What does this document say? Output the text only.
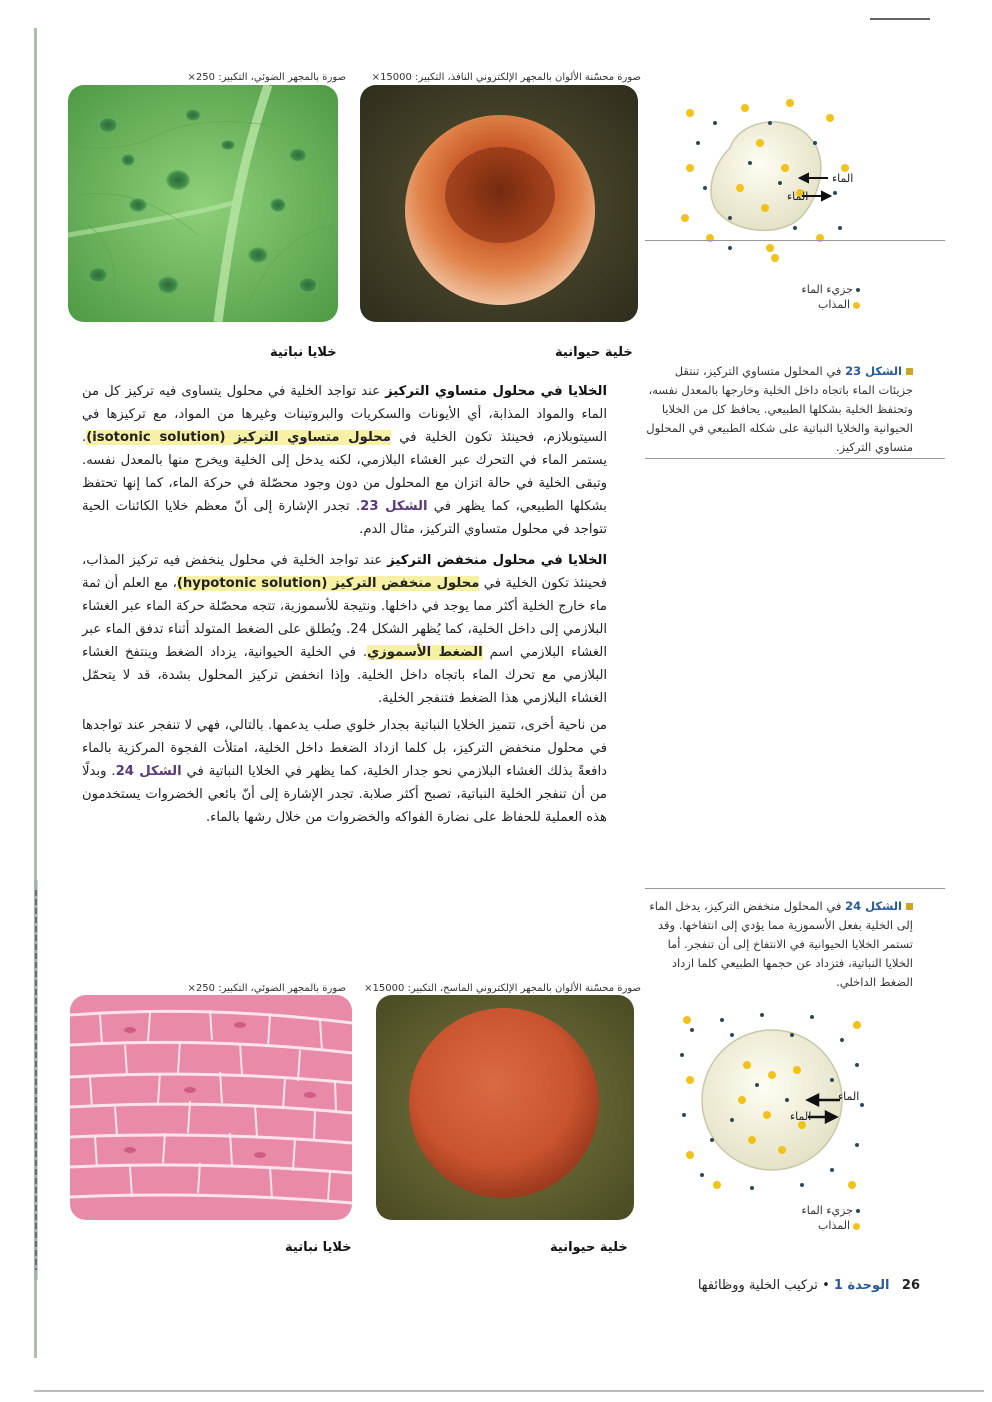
صورة بالمجهر الضوئي، التكبير: 250×	صورة محسّنة الألوان بالمجهر الإلكتروني النافذ، التكبير: 15000×
خلايا نباتية	خلية حيوانية
الماء
الماء
جزيء الماء
المذاب
الشكل 23 في المحلول متساوي التركيز، تنتقل جزيئات الماء باتجاه داخل الخلية وخارجها بالمعدل نفسه، وتحتفظ الخلية بشكلها الطبيعي. يحافظ كل من الخلايا الحيوانية والخلايا النباتية على شكله الطبيعي في المحلول متساوي التركيز.

الخلايا في محلول متساوي التركيز عند تواجد الخلية في محلول يتساوى فيه تركيز كل من الماء والمواد المذابة، أي الأيونات والسكريات والبروتينات وغيرها من المواد، مع تركيزها في السيتوبلازم، فحينئذ تكون الخلية في محلول متساوي التركيز (isotonic solution). يستمر الماء في التحرك عبر الغشاء البلازمي، لكنه يدخل إلى الخلية ويخرج منها بالمعدل نفسه. وتبقى الخلية في حالة اتزان مع المحلول من دون وجود محصّلة في حركة الماء، كما إنها تحتفظ بشكلها الطبيعي، كما يظهر في الشكل 23. تجدر الإشارة إلى أنّ معظم خلايا الكائنات الحية تتواجد في محلول متساوي التركيز، مثال الدم.

الخلايا في محلول منخفض التركيز عند تواجد الخلية في محلول ينخفض فيه تركيز المذاب، فحينئذ تكون الخلية في محلول منخفض التركيز (hypotonic solution)، مع العلم أن ثمة ماء خارج الخلية أكثر مما يوجد في داخلها. ونتيجة للأسموزية، تتجه محصّلة حركة الماء عبر الغشاء البلازمي إلى داخل الخلية، كما يُظهر الشكل 24. ويُطلق على الضغط المتولد أثناء تدفق الماء عبر الغشاء البلازمي اسم الضغط الأسموزي. في الخلية الحيوانية، يزداد الضغط وينتفخ الغشاء البلازمي مع تحرك الماء باتجاه داخل الخلية. وإذا انخفض تركيز المحلول بشدة، قد لا يتحمّل الغشاء البلازمي هذا الضغط فتنفجر الخلية.

من ناحية أخرى، تتميز الخلايا النباتية بجدار خلوي صلب يدعمها. بالتالي، فهي لا تنفجر عند تواجدها في محلول منخفض التركيز، بل كلما ازداد الضغط داخل الخلية، امتلأت الفجوة المركزية بالماء دافعةً بذلك الغشاء البلازمي نحو جدار الخلية، كما يظهر في الخلايا النباتية في الشكل 24. وبدلًا من أن تنفجر الخلية النباتية، تصبح أكثر صلابة. تجدر الإشارة إلى أنّ بائعي الخضروات يستخدمون هذه العملية للحفاظ على نضارة الفواكه والخضروات من خلال رشها بالماء.

الشكل 24 في المحلول منخفض التركيز، يدخل الماء إلى الخلية بفعل الأسموزية مما يؤدي إلى انتفاخها. وقد تستمر الخلايا الحيوانية في الانتفاخ إلى أن تنفجر. أما الخلايا النباتية، فتزداد عن حجمها الطبيعي كلما ازداد الضغط الداخلي.
صورة بالمجهر الضوئي، التكبير: 250×	صورة محسّنة الألوان بالمجهر الإلكتروني الماسح، التكبير: 15000×
خلايا نباتية	خلية حيوانية
الماء
الماء
جزيء الماء
المذاب
26   الوحدة 1 • تركيب الخلية ووظائفها
